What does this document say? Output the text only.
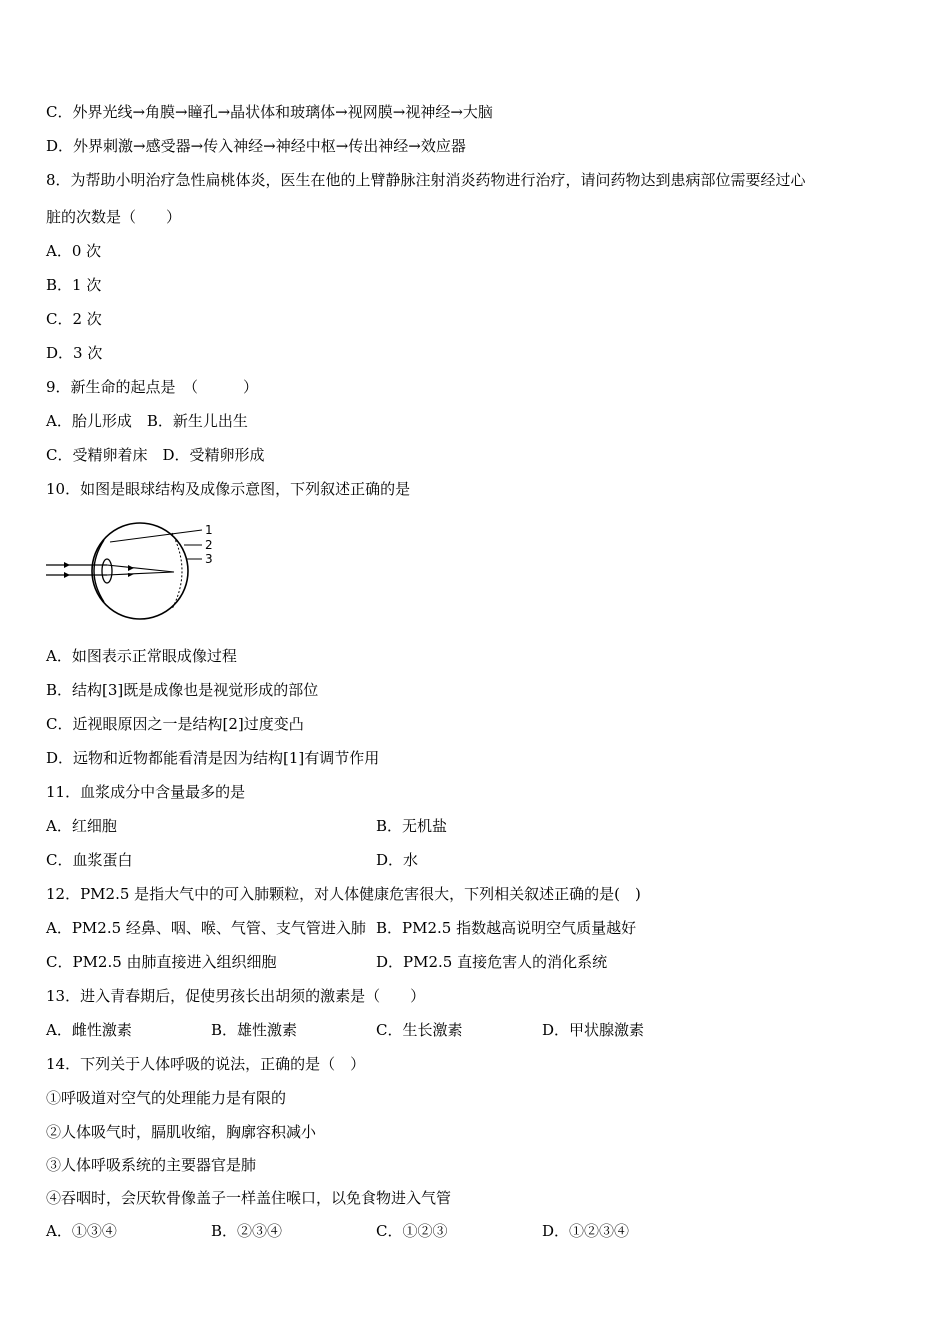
C．外界光线→角膜→瞳孔→晶状体和玻璃体→视网膜→视神经→大脑
D．外界刺激→感受器→传入神经→神经中枢→传出神经→效应器
8．为帮助小明治疗急性扁桃体炎，医生在他的上臂静脉注射消炎药物进行治疗，请问药物达到患病部位需要经过心
脏的次数是（　　）
A．0 次
B．1 次
C．2 次
D．3 次
9．新生命的起点是　（　　　）
A．胎儿形成　B．新生儿出生
C．受精卵着床　D．受精卵形成
10．如图是眼球结构及成像示意图，下列叙述正确的是
1
2
3
A．如图表示正常眼成像过程
B．结构[3]既是成像也是视觉形成的部位
C．近视眼原因之一是结构[2]过度变凸
D．远物和近物都能看清是因为结构[1]有调节作用
11．血浆成分中含量最多的是
A．红细胞	B．无机盐
C．血浆蛋白	D．水
12．PM2.5 是指大气中的可入肺颗粒，对人体健康危害很大，下列相关叙述正确的是(　)
A．PM2.5 经鼻、咽、喉、气管、支气管进入肺 B．PM2.5 指数越高说明空气质量越好
C．PM2.5 由肺直接进入组织细胞	D．PM2.5 直接危害人的消化系统
13．进入青春期后，促使男孩长出胡须的激素是（　　）
A．雌性激素	B．雄性激素	C．生长激素	D．甲状腺激素
14．下列关于人体呼吸的说法，正确的是（　）
①呼吸道对空气的处理能力是有限的
②人体吸气时，膈肌收缩，胸廓容积减小
③人体呼吸系统的主要器官是肺
④吞咽时，会厌软骨像盖子一样盖住喉口，以免食物进入气管
A．①③④	B．②③④	C．①②③	D．①②③④
